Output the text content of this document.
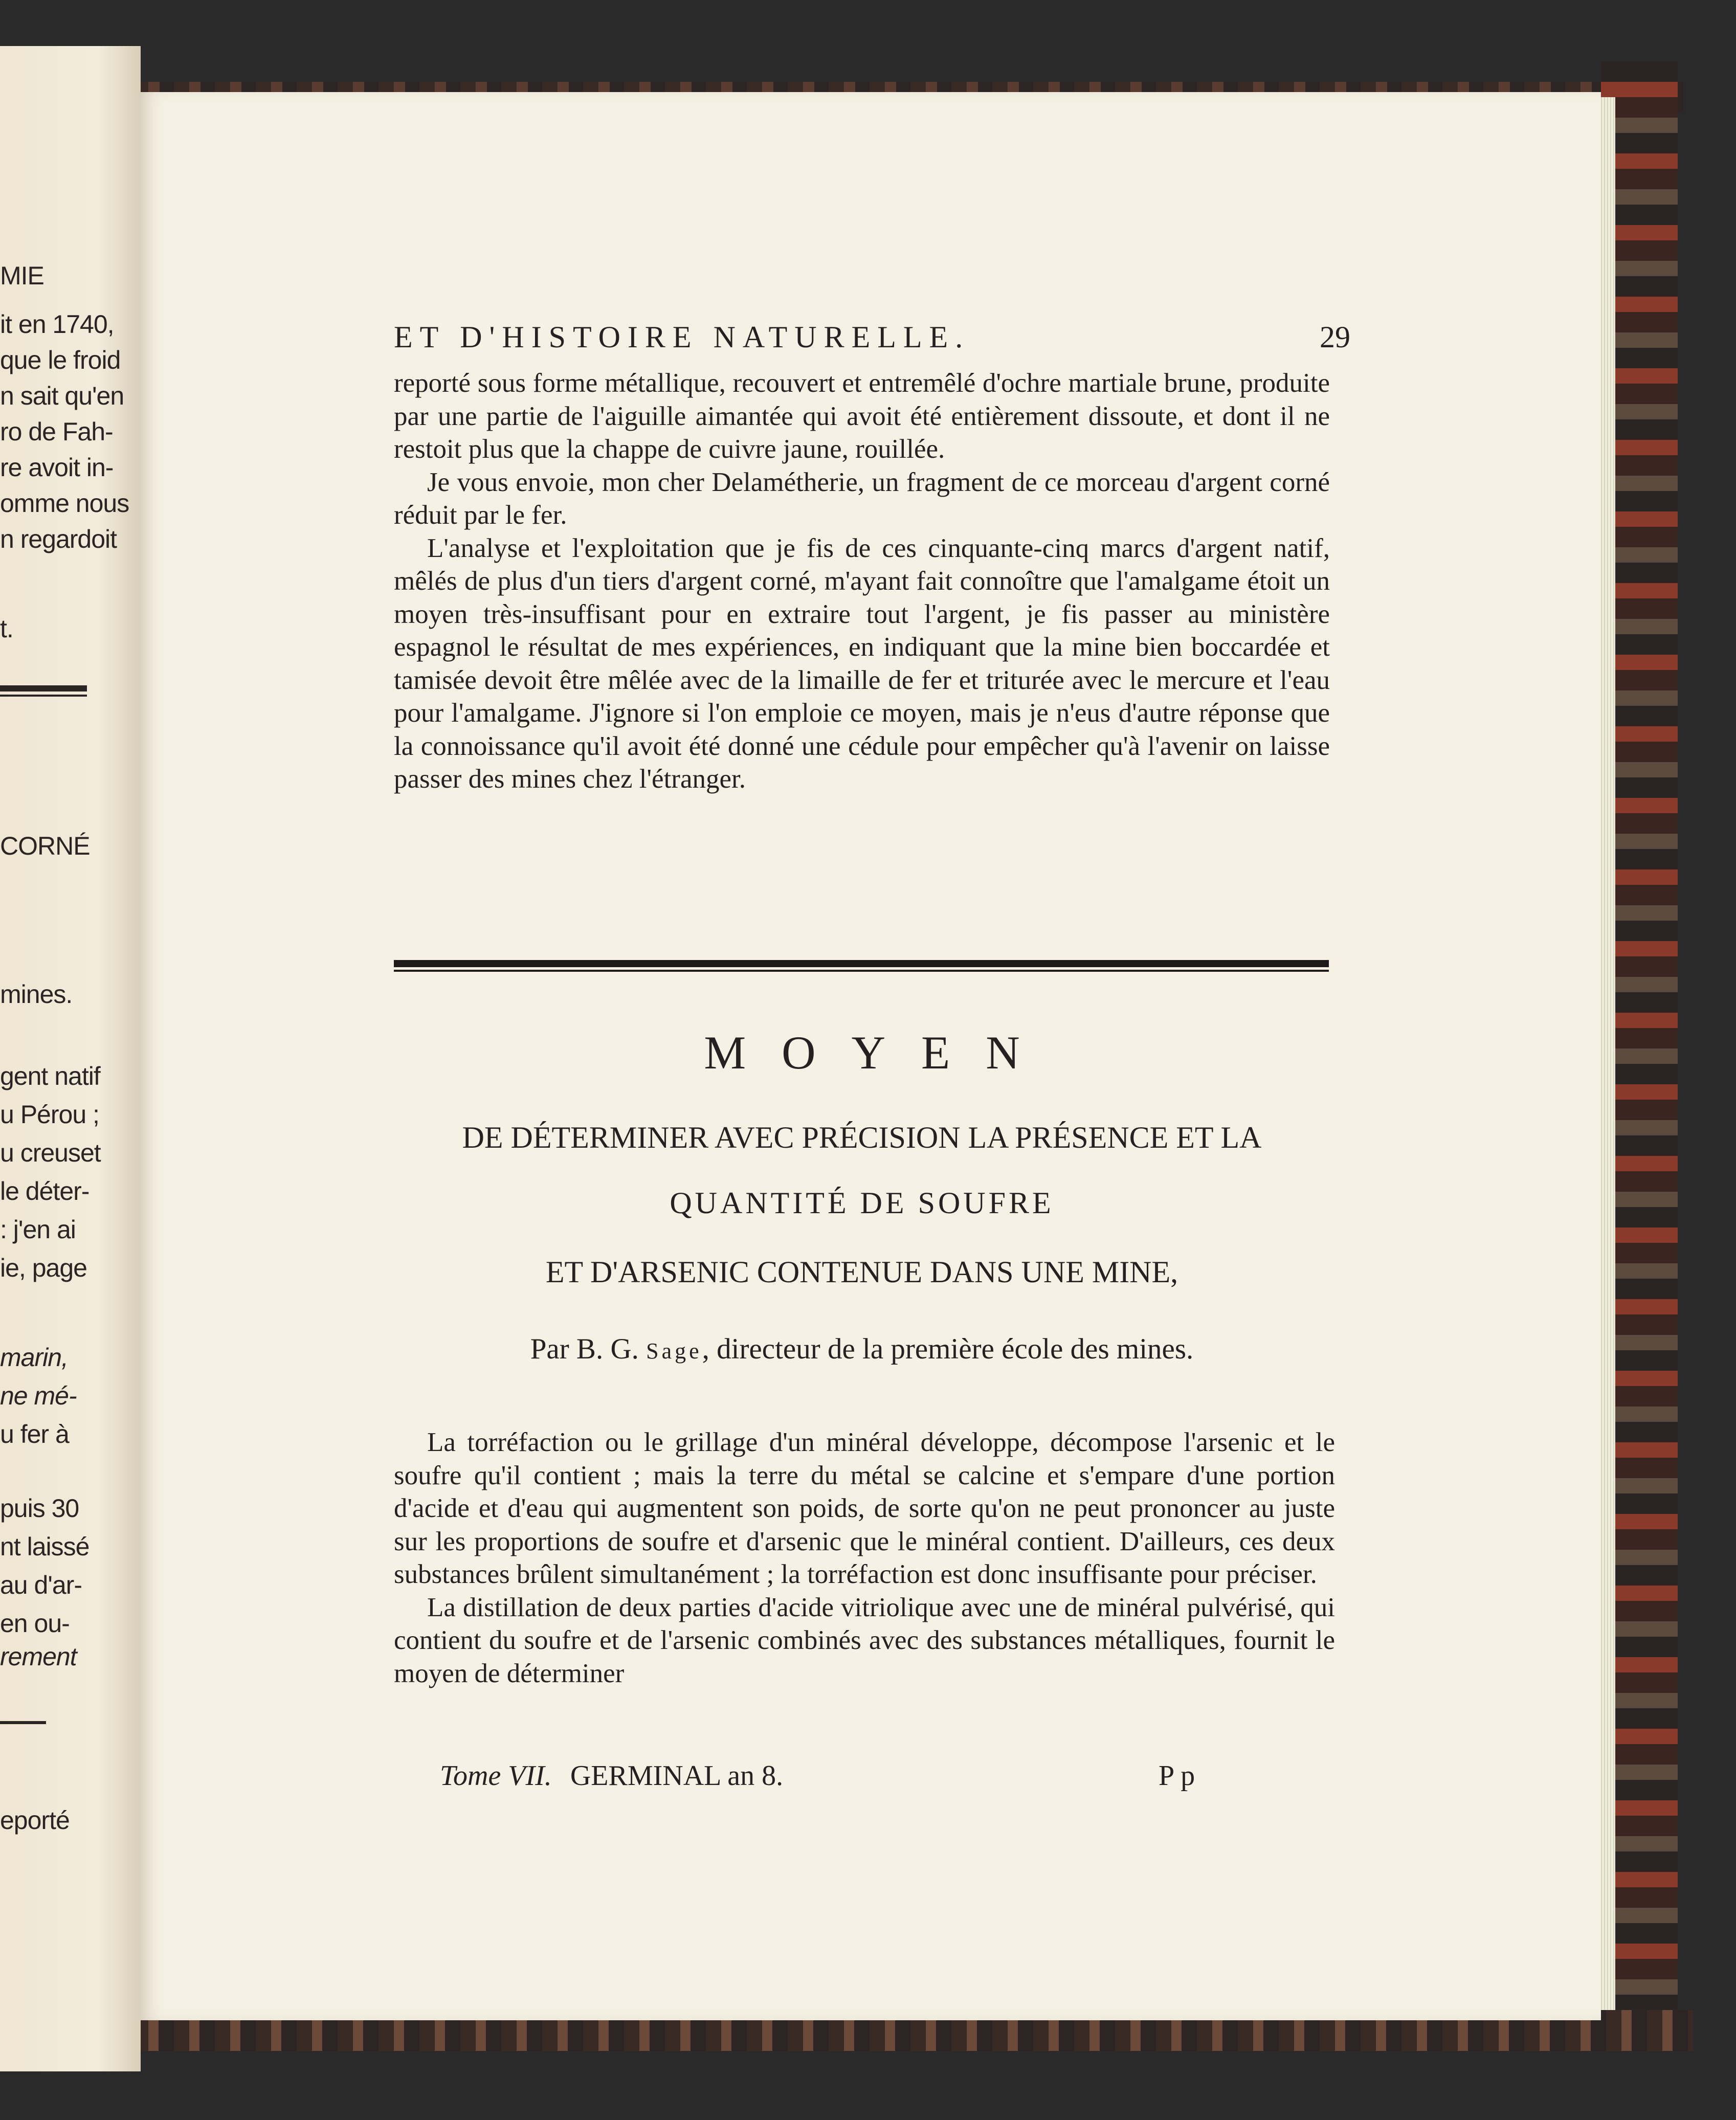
MIE
it en 1740,
que le froid
n sait qu'en
ro de Fah-
re avoit in-
omme nous
n regardoit
t.
CORNÉ
mines.
gent natif
u Pérou ;
u creuset
le déter-
: j'en ai
ie, page
marin,
ne mé-
u fer à
puis 30
nt laissé
au d'ar-
en ou-
rement
eporté
ET D'HISTOIRE NATURELLE.	29

reporté sous forme métallique, recouvert et entremêlé d'ochre martiale brune, produite par une partie de l'aiguille aimantée qui avoit été entièrement dissoute, et dont il ne restoit plus que la chappe de cuivre jaune, rouillée.

Je vous envoie, mon cher Delamétherie, un fragment de ce morceau d'argent corné réduit par le fer.

L'analyse et l'exploitation que je fis de ces cinquante-cinq marcs d'argent natif, mêlés de plus d'un tiers d'argent corné, m'ayant fait connoître que l'amalgame étoit un moyen très-insuffisant pour en extraire tout l'argent, je fis passer au ministère espagnol le résultat de mes expériences, en indiquant que la mine bien boccardée et tamisée devoit être mêlée avec de la limaille de fer et triturée avec le mercure et l'eau pour l'amalgame. J'ignore si l'on emploie ce moyen, mais je n'eus d'autre réponse que la connoissance qu'il avoit été donné une cédule pour empêcher qu'à l'avenir on laisse passer des mines chez l'étranger.

MOYEN
DE DÉTERMINER AVEC PRÉCISION LA PRÉSENCE ET LA
QUANTITÉ DE SOUFRE
ET D'ARSENIC CONTENUE DANS UNE MINE,
Par B. G. Sage, directeur de la première école des mines.

La torréfaction ou le grillage d'un minéral développe, décompose l'arsenic et le soufre qu'il contient ; mais la terre du métal se calcine et s'empare d'une portion d'acide et d'eau qui augmentent son poids, de sorte qu'on ne peut prononcer au juste sur les proportions de soufre et d'arsenic que le minéral contient. D'ailleurs, ces deux substances brûlent simultanément ; la torréfaction est donc insuffisante pour préciser.

La distillation de deux parties d'acide vitriolique avec une de minéral pulvérisé, qui contient du soufre et de l'arsenic combinés avec des substances métalliques, fournit le moyen de déterminer

Tome VII. GERMINAL an 8.	P p
